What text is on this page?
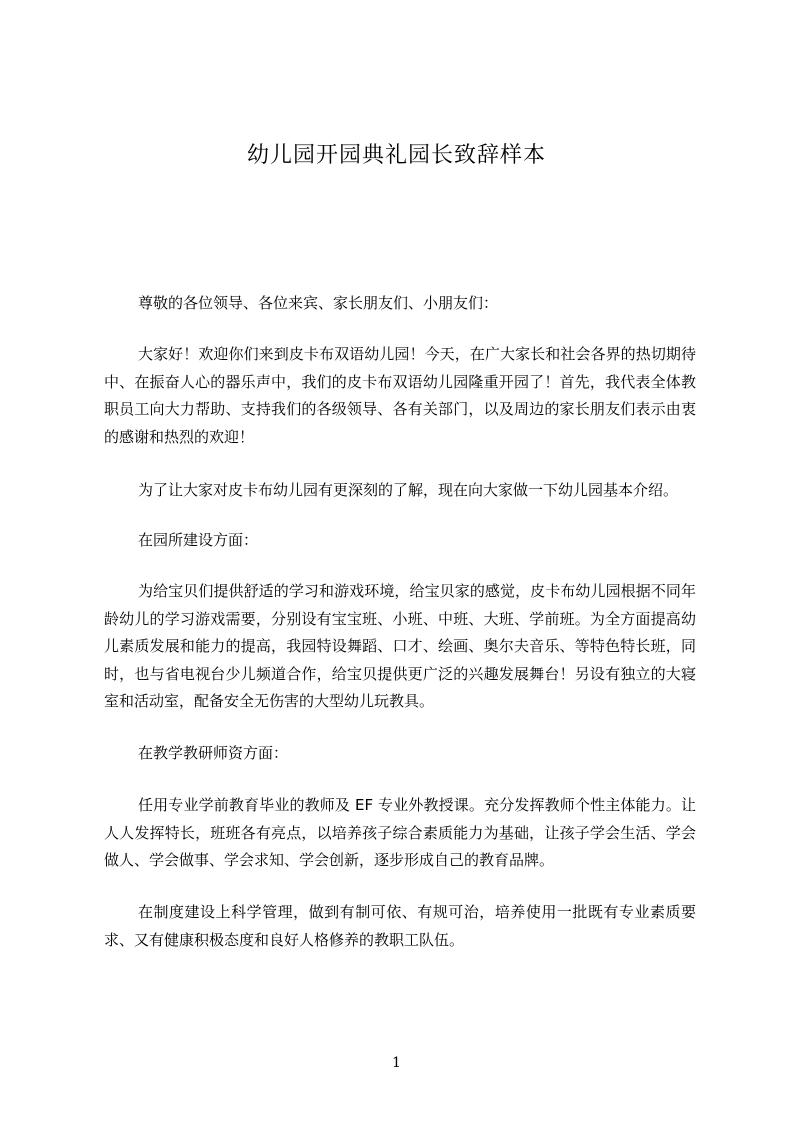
幼儿园开园典礼园长致辞样本

尊敬的各位领导、各位来宾、家长朋友们、小朋友们：

大家好！欢迎你们来到皮卡布双语幼儿园！今天，在广大家长和社会各界的热切期待中、在振奋人心的器乐声中，我们的皮卡布双语幼儿园隆重开园了！首先，我代表全体教职员工向大力帮助、支持我们的各级领导、各有关部门，以及周边的家长朋友们表示由衷的感谢和热烈的欢迎！

为了让大家对皮卡布幼儿园有更深刻的了解，现在向大家做一下幼儿园基本介绍。

在园所建设方面：

为给宝贝们提供舒适的学习和游戏环境，给宝贝家的感觉，皮卡布幼儿园根据不同年龄幼儿的学习游戏需要，分别设有宝宝班、小班、中班、大班、学前班。为全方面提高幼儿素质发展和能力的提高，我园特设舞蹈、口才、绘画、奥尔夫音乐、等特色特长班，同时，也与省电视台少儿频道合作，给宝贝提供更广泛的兴趣发展舞台！另设有独立的大寝室和活动室，配备安全无伤害的大型幼儿玩教具。

在教学教研师资方面：

任用专业学前教育毕业的教师及 EF 专业外教授课。充分发挥教师个性主体能力。让人人发挥特长，班班各有亮点，以培养孩子综合素质能力为基础，让孩子学会生活、学会做人、学会做事、学会求知、学会创新，逐步形成自己的教育品牌。

在制度建设上科学管理，做到有制可依、有规可治，培养使用一批既有专业素质要求、又有健康积极态度和良好人格修养的教职工队伍。

1
